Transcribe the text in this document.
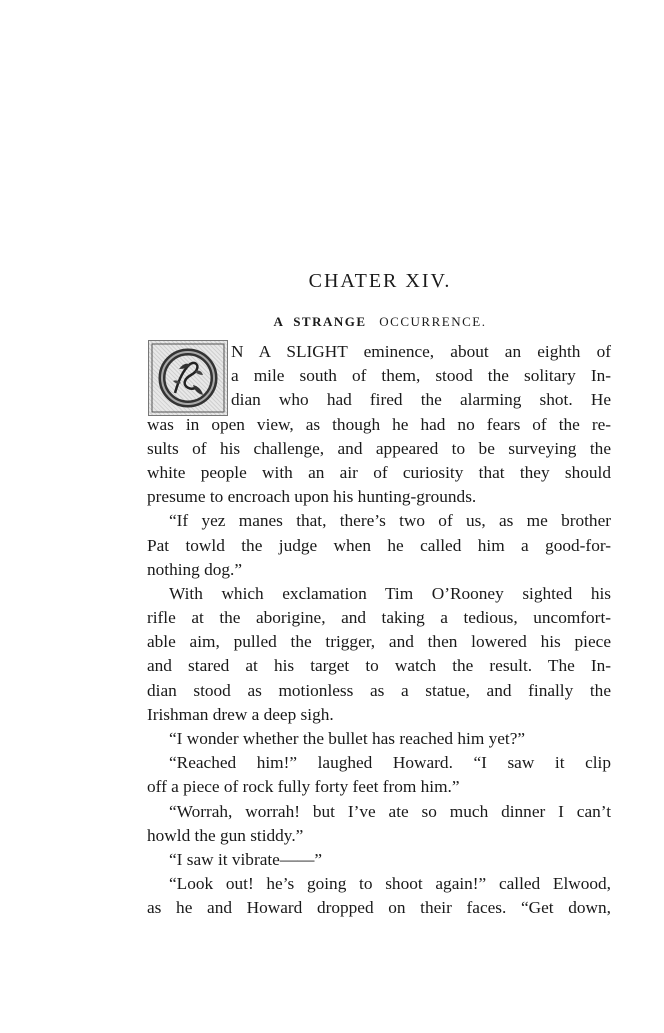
CHATER XIV.
A STRANGE OCCURRENCE.
N A SLIGHT eminence, about an eighth of
a mile south of them, stood the solitary In-
dian who had fired the alarming shot. He
was in open view, as though he had no fears of the re-
sults of his challenge, and appeared to be surveying the
white people with an air of curiosity that they should
presume to encroach upon his hunting-grounds.
“If yez manes that, there’s two of us, as me brother
Pat towld the judge when he called him a good-for-
nothing dog.”
With which exclamation Tim O’Rooney sighted his
rifle at the aborigine, and taking a tedious, uncomfort-
able aim, pulled the trigger, and then lowered his piece
and stared at his target to watch the result. The In-
dian stood as motionless as a statue, and finally the
Irishman drew a deep sigh.
“I wonder whether the bullet has reached him yet?”
“Reached him!” laughed Howard. “I saw it clip
off a piece of rock fully forty feet from him.”
“Worrah, worrah! but I’ve ate so much dinner I can’t
howld the gun stiddy.”
“I saw it vibrate——”
“Look out! he’s going to shoot again!” called Elwood,
as he and Howard dropped on their faces. “Get down,
